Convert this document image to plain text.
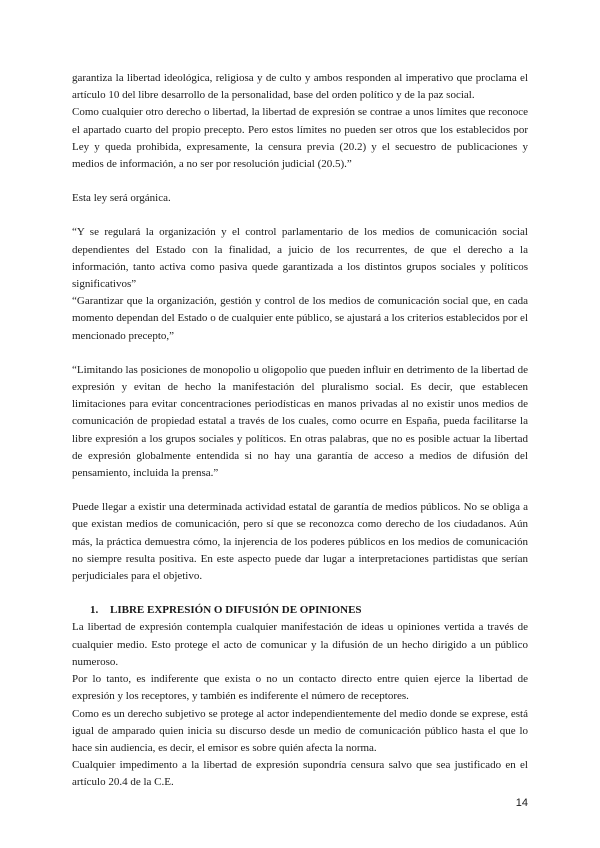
garantiza la libertad ideológica, religiosa y de culto y ambos responden al imperativo que proclama el artículo 10 del libre desarrollo de la personalidad, base del orden político y de la paz social.

Como cualquier otro derecho o libertad, la libertad de expresión se contrae a unos límites que reconoce el apartado cuarto del propio precepto. Pero estos límites no pueden ser otros que los establecidos por Ley y queda prohibida, expresamente, la censura previa (20.2) y el secuestro de publicaciones y medios de información, a no ser por resolución judicial (20.5).”

Esta ley será orgánica.

“Y se regulará la organización y el control parlamentario de los medios de comunicación social dependientes del Estado con la finalidad, a juicio de los recurrentes, de que el derecho a la información, tanto activa como pasiva quede garantizada a los distintos grupos sociales y políticos significativos”

“Garantizar que la organización, gestión y control de los medios de comunicación social que, en cada momento dependan del Estado o de cualquier ente público, se ajustará a los criterios establecidos por el mencionado precepto,”

“Limitando las posiciones de monopolio u oligopolio que pueden influir en detrimento de la libertad de expresión y evitan de hecho la manifestación del pluralismo social. Es decir, que establecen limitaciones para evitar concentraciones periodísticas en manos privadas al no existir unos medios de comunicación de propiedad estatal a través de los cuales, como ocurre en España, pueda facilitarse la libre expresión a los grupos sociales y políticos. En otras palabras, que no es posible actuar la libertad de expresión globalmente entendida si no hay una garantía de acceso a medios de difusión del pensamiento, incluida la prensa.”

Puede llegar a existir una determinada actividad estatal de garantía de medios públicos. No se obliga a que existan medios de comunicación, pero sí que se reconozca como derecho de los ciudadanos. Aún más, la práctica demuestra cómo, la injerencia de los poderes públicos en los medios de comunicación no siempre resulta positiva. En este aspecto puede dar lugar a interpretaciones partidistas que serían perjudiciales para el objetivo.

1. LIBRE EXPRESIÓN O DIFUSIÓN DE OPINIONES

La libertad de expresión contempla cualquier manifestación de ideas u opiniones vertida a través de cualquier medio. Esto protege el acto de comunicar y la difusión de un hecho dirigido a un público numeroso.

Por lo tanto, es indiferente que exista o no un contacto directo entre quien ejerce la libertad de expresión y los receptores, y también es indiferente el número de receptores.

Como es un derecho subjetivo se protege al actor independientemente del medio donde se exprese, está igual de amparado quien inicia su discurso desde un medio de comunicación público hasta el que lo hace sin audiencia, es decir, el emisor es sobre quién afecta la norma.

Cualquier impedimento a la libertad de expresión supondría censura salvo que sea justificado en el artículo 20.4 de la C.E.

14
